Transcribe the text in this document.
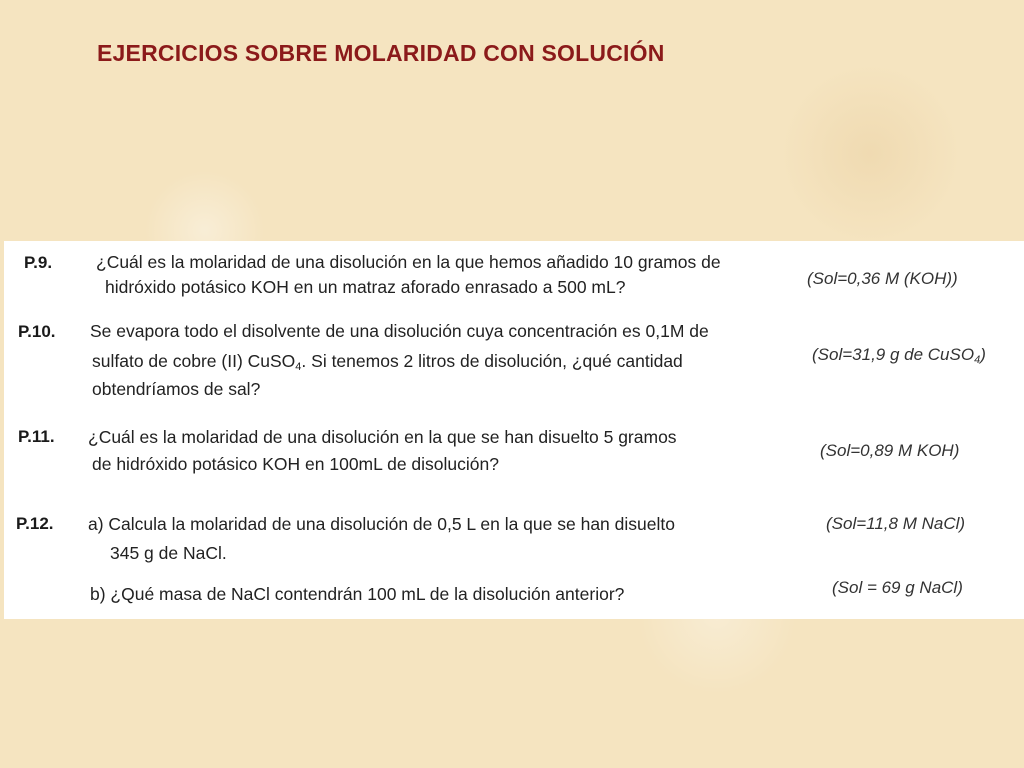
EJERCICIOS SOBRE MOLARIDAD CON SOLUCIÓN
P.9.	¿Cuál es la molaridad de una disolución en la que hemos añadido 10 gramos de
hidróxido potásico KOH en un matraz aforado enrasado a 500 mL?	(Sol=0,36 M (KOH))
P.10. Se evapora todo el disolvente de una disolución cuya concentración es 0,1M de
sulfato de cobre (II) CuSO$_4$. Si tenemos 2 litros de disolución, ¿qué cantidad
obtendríamos de sal?
(Sol=31,9 g de CuSO$_4$)
P.11. ¿Cuál es la molaridad de una disolución en la que se han disuelto 5 gramos
de hidróxido potásico KOH en 100mL de disolución?
(Sol=0,89 M KOH)
P.12. a) Calcula la molaridad de una disolución de 0,5 L en la que se han disuelto
345 g de NaCl.
(Sol=11,8 M NaCl)
b) ¿Qué masa de NaCl contendrán 100 mL de la disolución anterior?	(Sol = 69 g NaCl)
